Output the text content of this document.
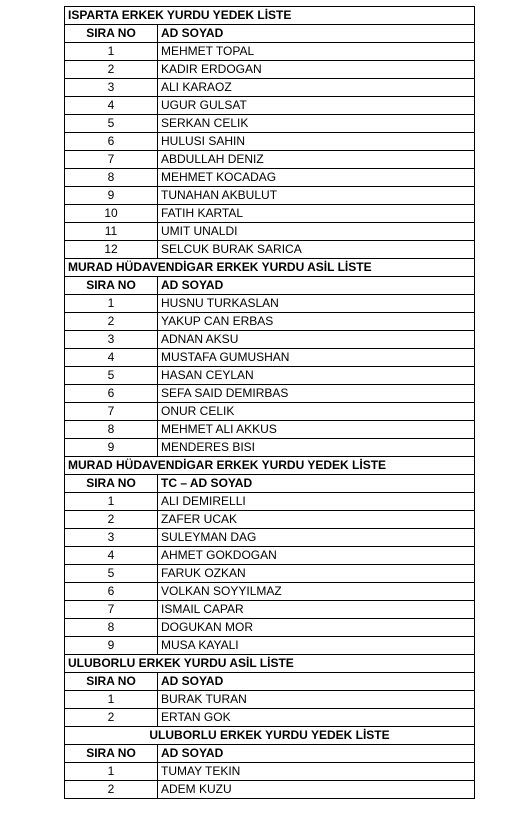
ISPARTA ERKEK YURDU YEDEK LİSTE	
SIRA NO	AD SOYAD
1	MEHMET TOPAL
2	KADIR ERDOGAN
3	ALI KARAOZ
4	UGUR GULSAT
5	SERKAN CELIK
6	HULUSI SAHIN
7	ABDULLAH DENIZ
8	MEHMET KOCADAG
9	TUNAHAN AKBULUT
10	FATIH KARTAL
11	UMIT UNALDI
12	SELCUK BURAK SARICA
MURAD HÜDAVENDİGAR ERKEK YURDU ASİL LİSTE	
SIRA NO	AD SOYAD
1	HUSNU TURKASLAN
2	YAKUP CAN ERBAS
3	ADNAN AKSU
4	MUSTAFA GUMUSHAN
5	HASAN CEYLAN
6	SEFA SAID DEMIRBAS
7	ONUR CELIK
8	MEHMET ALI AKKUS
9	MENDERES BISI
MURAD HÜDAVENDİGAR ERKEK YURDU YEDEK LİSTE	
SIRA NO	TC – AD SOYAD
1	ALI DEMIRELLI
2	ZAFER UCAK
3	SULEYMAN DAG
4	AHMET GOKDOGAN
5	FARUK OZKAN
6	VOLKAN SOYYILMAZ
7	ISMAIL CAPAR
8	DOGUKAN MOR
9	MUSA KAYALI
ULUBORLU ERKEK YURDU ASİL LİSTE	
SIRA NO	AD SOYAD
1	BURAK TURAN
2	ERTAN GOK
ULUBORLU ERKEK YURDU YEDEK LİSTE	
SIRA NO	AD SOYAD
1	TUMAY TEKIN
2	ADEM KUZU
